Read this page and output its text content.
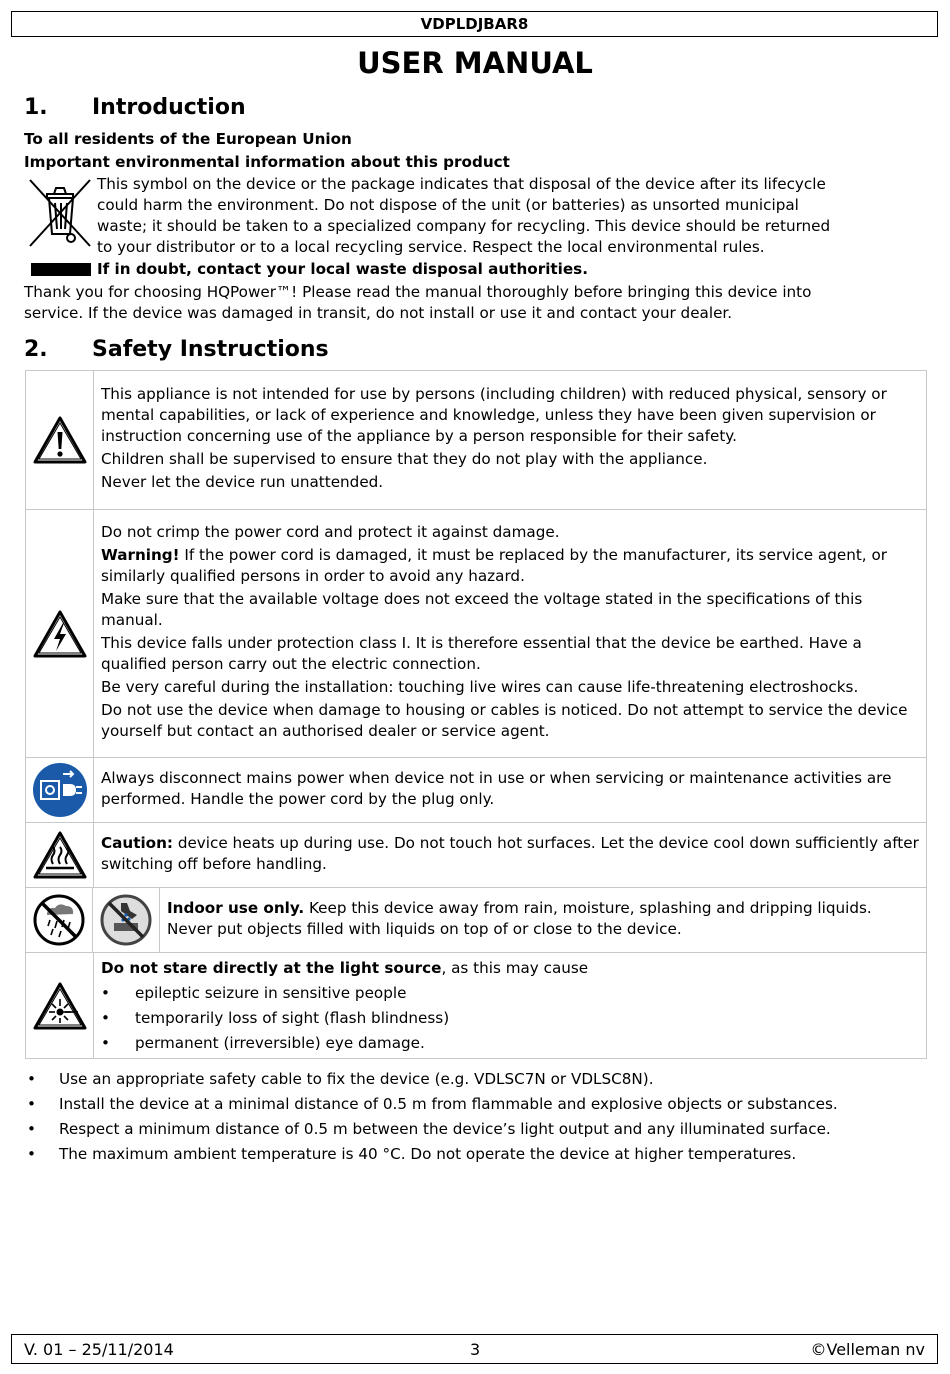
VDPLDJBAR8
USER MANUAL
1. Introduction
To all residents of the European Union
Important environmental information about this product
This symbol on the device or the package indicates that disposal of the device after its lifecycle
could harm the environment. Do not dispose of the unit (or batteries) as unsorted municipal
waste; it should be taken to a specialized company for recycling. This device should be returned
to your distributor or to a local recycling service. Respect the local environmental rules.
If in doubt, contact your local waste disposal authorities.
Thank you for choosing HQPower™! Please read the manual thoroughly before bringing this device into
service. If the device was damaged in transit, do not install or use it and contact your dealer.
2. Safety Instructions

This appliance is not intended for use by persons (including children) with reduced physical, sensory or mental capabilities, or lack of experience and knowledge, unless they have been given supervision or instruction concerning use of the appliance by a person responsible for their safety.

Children shall be supervised to ensure that they do not play with the appliance.

Never let the device run unattended.

Do not crimp the power cord and protect it against damage.

Warning! If the power cord is damaged, it must be replaced by the manufacturer, its service agent, or similarly qualified persons in order to avoid any hazard.

Make sure that the available voltage does not exceed the voltage stated in the specifications of this manual.

This device falls under protection class I. It is therefore essential that the device be earthed. Have a qualified person carry out the electric connection.

Be very careful during the installation: touching live wires can cause life-threatening electroshocks.

Do not use the device when damage to housing or cables is noticed. Do not attempt to service the device yourself but contact an authorised dealer or service agent.

Always disconnect mains power when device not in use or when servicing or maintenance activities are performed. Handle the power cord by the plug only.

Caution: device heats up during use. Do not touch hot surfaces. Let the device cool down sufficiently after switching off before handling.

Indoor use only. Keep this device away from rain, moisture, splashing and dripping liquids. Never put objects filled with liquids on top of or close to the device.

Do not stare directly at the light source, as this may cause

•	epileptic seizure in sensitive people
•	temporarily loss of sight (flash blindness)
•	permanent (irreversible) eye damage.
•	Use an appropriate safety cable to fix the device (e.g. VDLSC7N or VDLSC8N).
•	Install the device at a minimal distance of 0.5 m from flammable and explosive objects or substances.
•	Respect a minimum distance of 0.5 m between the device’s light output and any illuminated surface.
•	The maximum ambient temperature is 40 °C. Do not operate the device at higher temperatures.
V. 01 – 25/11/2014	3	©Velleman nv
